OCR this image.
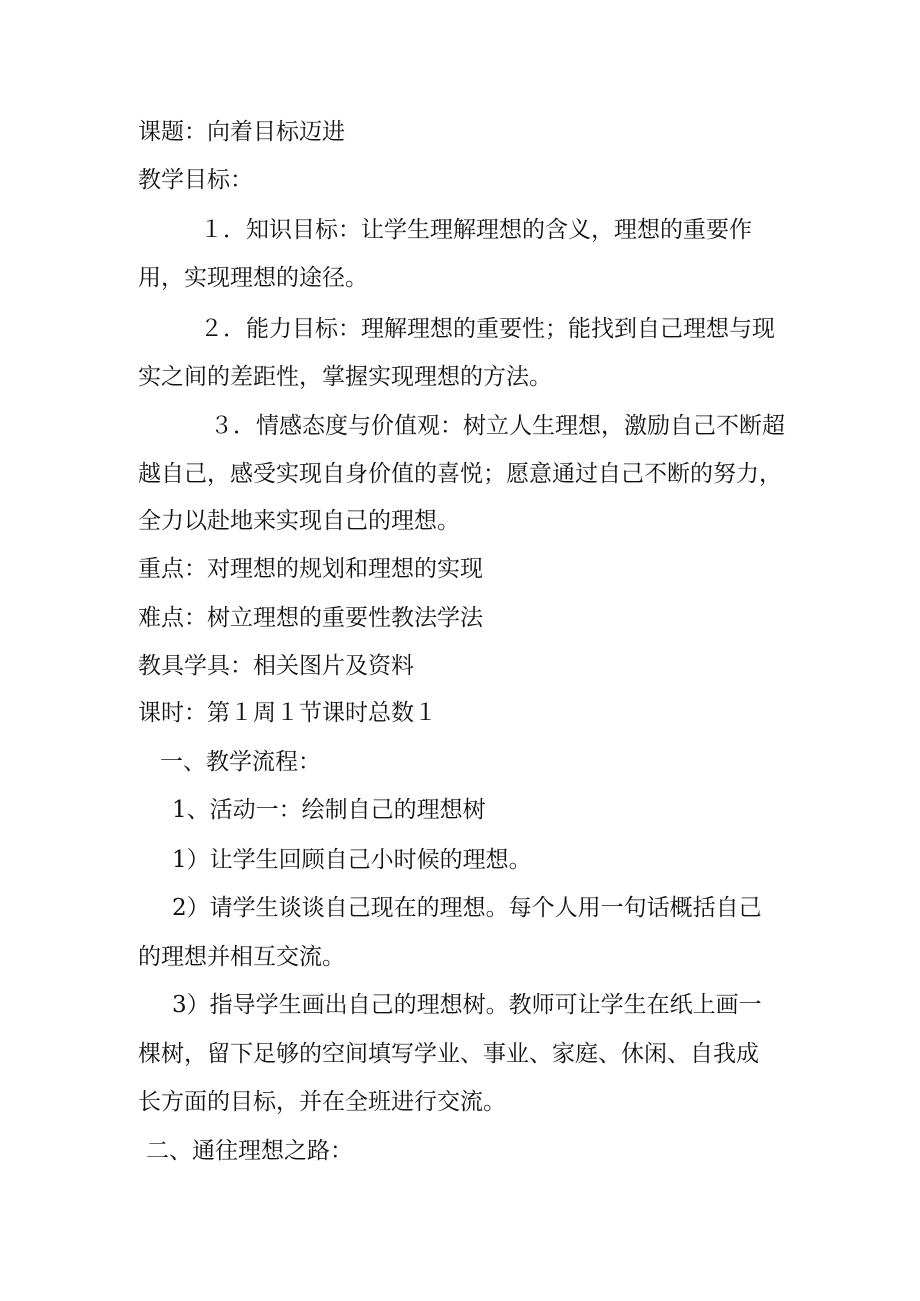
课题：向着目标迈进

教学目标：

１．知识目标：让学生理解理想的含义，理想的重要作

用，实现理想的途径。

２．能力目标：理解理想的重要性；能找到自己理想与现

实之间的差距性，掌握实现理想的方法。

３．情感态度与价值观：树立人生理想，激励自己不断超

越自己，感受实现自身价值的喜悦；愿意通过自己不断的努力，

全力以赴地来实现自己的理想。

重点：对理想的规划和理想的实现

难点：树立理想的重要性教法学法

教具学具：相关图片及资料

课时：第１周１节课时总数１

一、教学流程：

1、活动一：绘制自己的理想树

1）让学生回顾自己小时候的理想。

2）请学生谈谈自己现在的理想。每个人用一句话概括自己

的理想并相互交流。

3）指导学生画出自己的理想树。教师可让学生在纸上画一

棵树，留下足够的空间填写学业、事业、家庭、休闲、自我成

长方面的目标，并在全班进行交流。

二、通往理想之路：
